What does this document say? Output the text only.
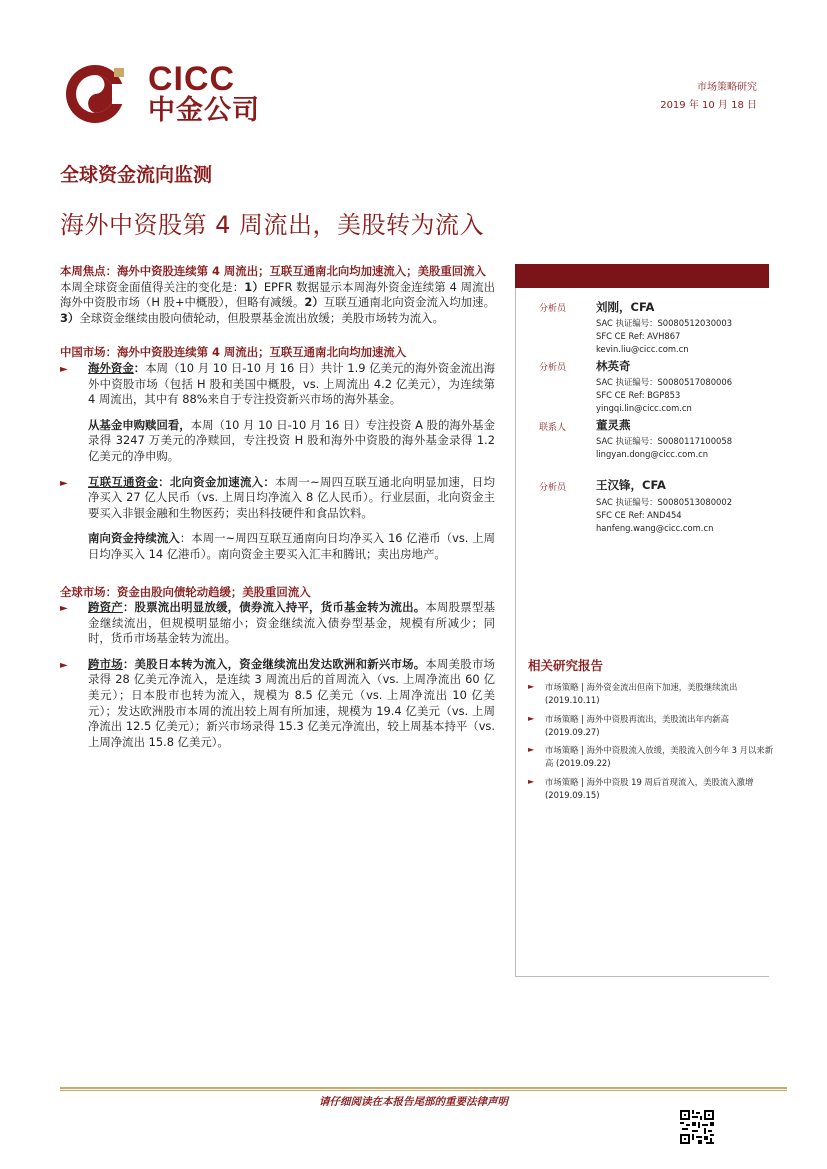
CICC
中金公司
市场策略研究
2019 年 10 月 18 日
全球资金流向监测
海外中资股第 4 周流出，美股转为流入
本周焦点：海外中资股连续第 4 周流出；互联互通南北向均加速流入；美股重回流入
本周全球资金面值得关注的变化是：1）EPFR 数据显示本周海外资金连续第 4 周流出海外中资股市场（H 股+中概股），但略有减缓。2）互联互通南北向资金流入均加速。3）全球资金继续由股向债轮动，但股票基金流出放缓；美股市场转为流入。
中国市场：海外中资股连续第 4 周流出；互联互通南北向均加速流入
► 海外资金：本周（10 月 10 日-10 月 16 日）共计 1.9 亿美元的海外资金流出海外中资股市场（包括 H 股和美国中概股，vs. 上周流出 4.2 亿美元），为连续第 4 周流出，其中有 88%来自于专注投资新兴市场的海外基金。
从基金申购赎回看，本周（10 月 10 日-10 月 16 日）专注投资 A 股的海外基金录得 3247 万美元的净赎回，专注投资 H 股和海外中资股的海外基金录得 1.2 亿美元的净申购。
► 互联互通资金：北向资金加速流入：本周一~周四互联互通北向明显加速，日均净买入 27 亿人民币（vs. 上周日均净流入 8 亿人民币）。行业层面，北向资金主要买入非银金融和生物医药；卖出科技硬件和食品饮料。
南向资金持续流入：本周一~周四互联互通南向日均净买入 16 亿港币（vs. 上周日均净买入 14 亿港币）。南向资金主要买入汇丰和腾讯；卖出房地产。
全球市场：资金由股向债轮动趋缓；美股重回流入
► 跨资产：股票流出明显放缓，债券流入持平，货币基金转为流出。本周股票型基金继续流出，但规模明显缩小；资金继续流入债券型基金，规模有所减少；同时，货币市场基金转为流出。
► 跨市场：美股日本转为流入，资金继续流出发达欧洲和新兴市场。本周美股市场录得 28 亿美元净流入，是连续 3 周流出后的首周流入（vs. 上周净流出 60 亿美元）；日本股市也转为流入，规模为 8.5 亿美元（vs. 上周净流出 10 亿美元）；发达欧洲股市本周的流出较上周有所加速，规模为 19.4 亿美元（vs. 上周净流出 12.5 亿美元）；新兴市场录得 15.3 亿美元净流出，较上周基本持平（vs. 上周净流出 15.8 亿美元）。
分析员	刘刚，CFA
SAC 执证编号：S0080512030003
SFC CE Ref: AVH867
kevin.liu@cicc.com.cn
分析员	林英奇
SAC 执证编号：S0080517080006
SFC CE Ref: BGP853
yingqi.lin@cicc.com.cn
联系人	董灵燕
SAC 执证编号：S0080117100058
lingyan.dong@cicc.com.cn
分析员	王汉锋，CFA
SAC 执证编号：S0080513080002
SFC CE Ref: AND454
hanfeng.wang@cicc.com.cn
相关研究报告
► 市场策略 | 海外资金流出但南下加速，美股继续流出 (2019.10.11)
► 市场策略 | 海外中资股再流出，美股流出年内新高 (2019.09.27)
► 市场策略 | 海外中资股流入放缓，美股流入创今年 3 月以来新高 (2019.09.22)
► 市场策略 | 海外中资股 19 周后首现流入，美股流入激增 (2019.09.15)
请仔细阅读在本报告尾部的重要法律声明
